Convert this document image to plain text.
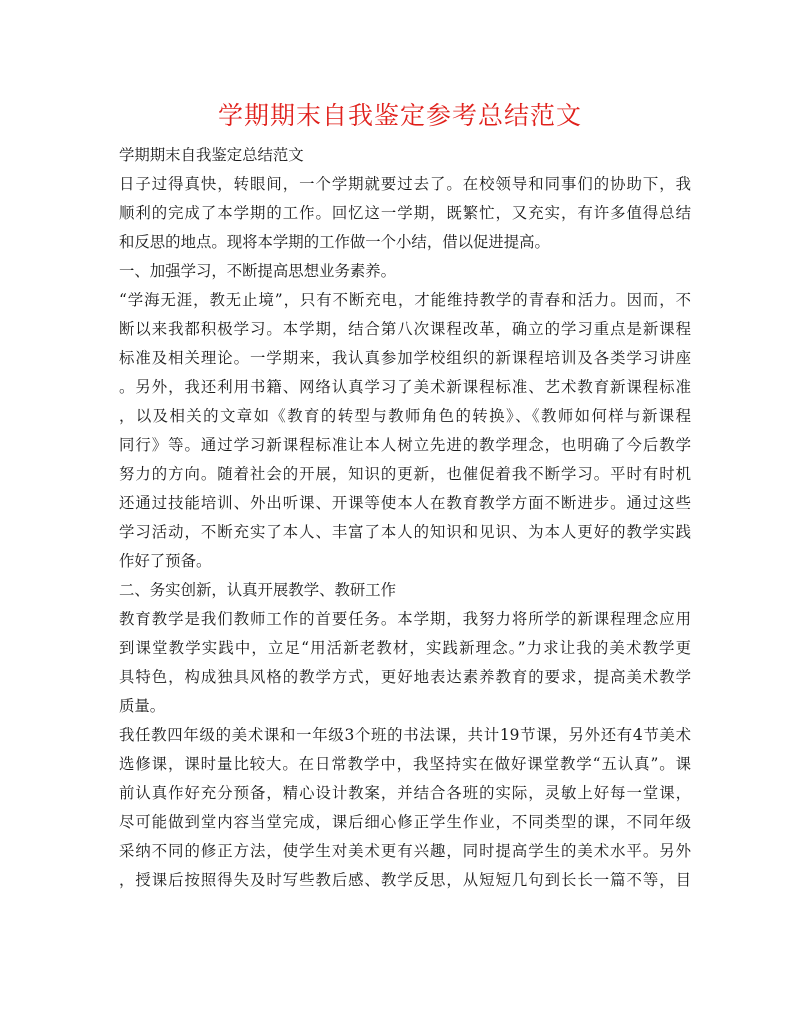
学期期末自我鉴定参考总结范文
学期期末自我鉴定总结范文
日子过得真快，转眼间，一个学期就要过去了。在校领导和同事们的协助下，我
顺利的完成了本学期的工作。回忆这一学期，既繁忙，又充实，有许多值得总结
和反思的地点。现将本学期的工作做一个小结，借以促进提高。
一、加强学习，不断提高思想业务素养。
“学海无涯，教无止境”，只有不断充电，才能维持教学的青春和活力。因而，不
断以来我都积极学习。本学期，结合第八次课程改革，确立的学习重点是新课程
标准及相关理论。一学期来，我认真参加学校组织的新课程培训及各类学习讲座
。另外，我还利用书籍、网络认真学习了美术新课程标准、艺术教育新课程标准
，以及相关的文章如《教育的转型与教师角色的转换》、《教师如何样与新课程
同行》等。通过学习新课程标准让本人树立先进的教学理念，也明确了今后教学
努力的方向。随着社会的开展，知识的更新，也催促着我不断学习。平时有时机
还通过技能培训、外出听课、开课等使本人在教育教学方面不断进步。通过这些
学习活动，不断充实了本人、丰富了本人的知识和见识、为本人更好的教学实践
作好了预备。
二、务实创新，认真开展教学、教研工作
教育教学是我们教师工作的首要任务。本学期，我努力将所学的新课程理念应用
到课堂教学实践中，立足“用活新老教材，实践新理念。”力求让我的美术教学更
具特色，构成独具风格的教学方式，更好地表达素养教育的要求，提高美术教学
质量。
我任教四年级的美术课和一年级3个班的书法课，共计19节课，另外还有4节美术
选修课，课时量比较大。在日常教学中，我坚持实在做好课堂教学“五认真”。课
前认真作好充分预备，精心设计教案，并结合各班的实际，灵敏上好每一堂课，
尽可能做到堂内容当堂完成，课后细心修正学生作业，不同类型的课，不同年级
采纳不同的修正方法，使学生对美术更有兴趣，同时提高学生的美术水平。另外
，授课后按照得失及时写些教后感、教学反思，从短短几句到长长一篇不等，目
